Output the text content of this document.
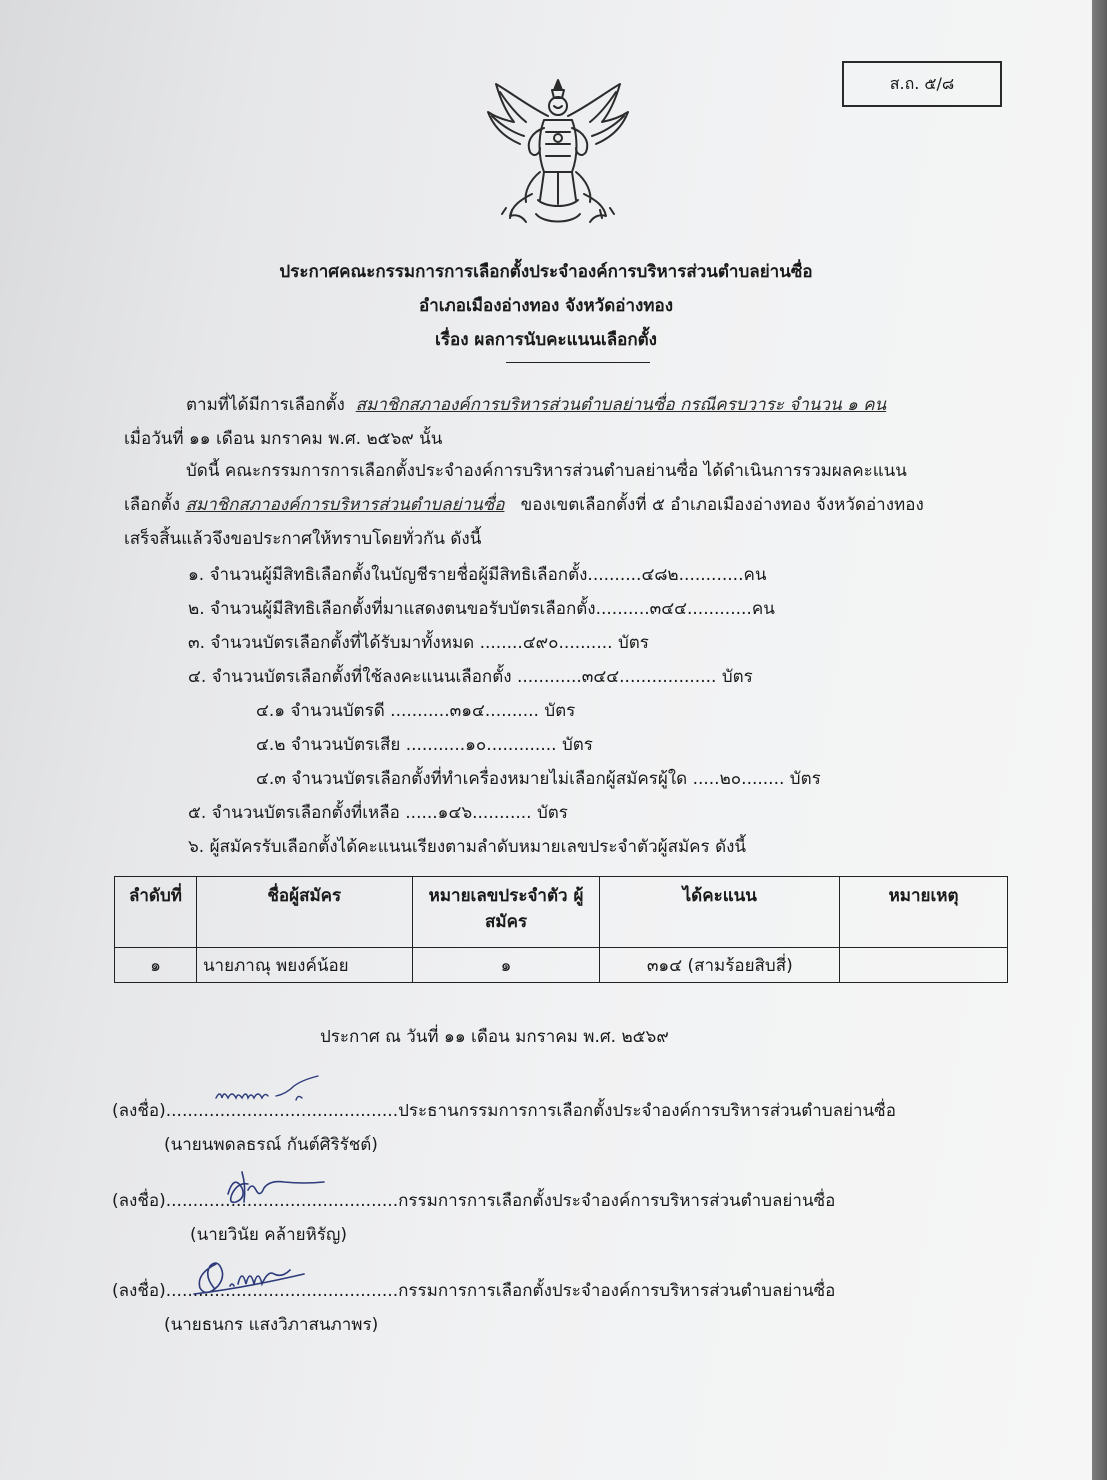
ส.ถ. ๕/๘
ประกาศคณะกรรมการการเลือกตั้งประจำองค์การบริหารส่วนตำบลย่านซื่อ
อำเภอเมืองอ่างทอง จังหวัดอ่างทอง
เรื่อง ผลการนับคะแนนเลือกตั้ง
ตามที่ได้มีการเลือกตั้ง สมาชิกสภาองค์การบริหารส่วนตำบลย่านซื่อ กรณีครบวาระ จำนวน ๑ คน
เมื่อวันที่ ๑๑ เดือน มกราคม พ.ศ. ๒๕๖๙ นั้น
บัดนี้ คณะกรรมการการเลือกตั้งประจำองค์การบริหารส่วนตำบลย่านซื่อ ได้ดำเนินการรวมผลคะแนน
เลือกตั้ง สมาชิกสภาองค์การบริหารส่วนตำบลย่านซื่อ ของเขตเลือกตั้งที่ ๕ อำเภอเมืองอ่างทอง จังหวัดอ่างทอง
เสร็จสิ้นแล้วจึงขอประกาศให้ทราบโดยทั่วกัน ดังนี้
๑. จำนวนผู้มีสิทธิเลือกตั้งในบัญชีรายชื่อผู้มีสิทธิเลือกตั้ง..........๔๘๒............คน
๒. จำนวนผู้มีสิทธิเลือกตั้งที่มาแสดงตนขอรับบัตรเลือกตั้ง..........๓๔๔............คน
๓. จำนวนบัตรเลือกตั้งที่ได้รับมาทั้งหมด ........๔๙๐.......... บัตร
๔. จำนวนบัตรเลือกตั้งที่ใช้ลงคะแนนเลือกตั้ง ............๓๔๔.................. บัตร
๔.๑ จำนวนบัตรดี ...........๓๑๔.......... บัตร
๔.๒ จำนวนบัตรเสีย ...........๑๐............. บัตร
๔.๓ จำนวนบัตรเลือกตั้งที่ทำเครื่องหมายไม่เลือกผู้สมัครผู้ใด .....๒๐........ บัตร
๕. จำนวนบัตรเลือกตั้งที่เหลือ ......๑๔๖........... บัตร
๖. ผู้สมัครรับเลือกตั้งได้คะแนนเรียงตามลำดับหมายเลขประจำตัวผู้สมัคร ดังนี้
ลำดับที่	ชื่อผู้สมัคร	หมายเลขประจำตัว ผู้สมัคร	ได้คะแนน	หมายเหตุ
๑	นายภาณุ พยงค์น้อย	๑	๓๑๔ (สามร้อยสิบสี่)	
ประกาศ ณ วันที่ ๑๑ เดือน มกราคม พ.ศ. ๒๕๖๙
(ลงชื่อ)...........................................ประธานกรรมการการเลือกตั้งประจำองค์การบริหารส่วนตำบลย่านซื่อ
(นายนพดลธรณ์ กันต์ศิริรัชต์)
(ลงชื่อ)...........................................กรรมการการเลือกตั้งประจำองค์การบริหารส่วนตำบลย่านซื่อ
(นายวินัย คล้ายหิรัญ)
(ลงชื่อ)...........................................กรรมการการเลือกตั้งประจำองค์การบริหารส่วนตำบลย่านซื่อ
(นายธนกร แสงวิภาสนภาพร)
